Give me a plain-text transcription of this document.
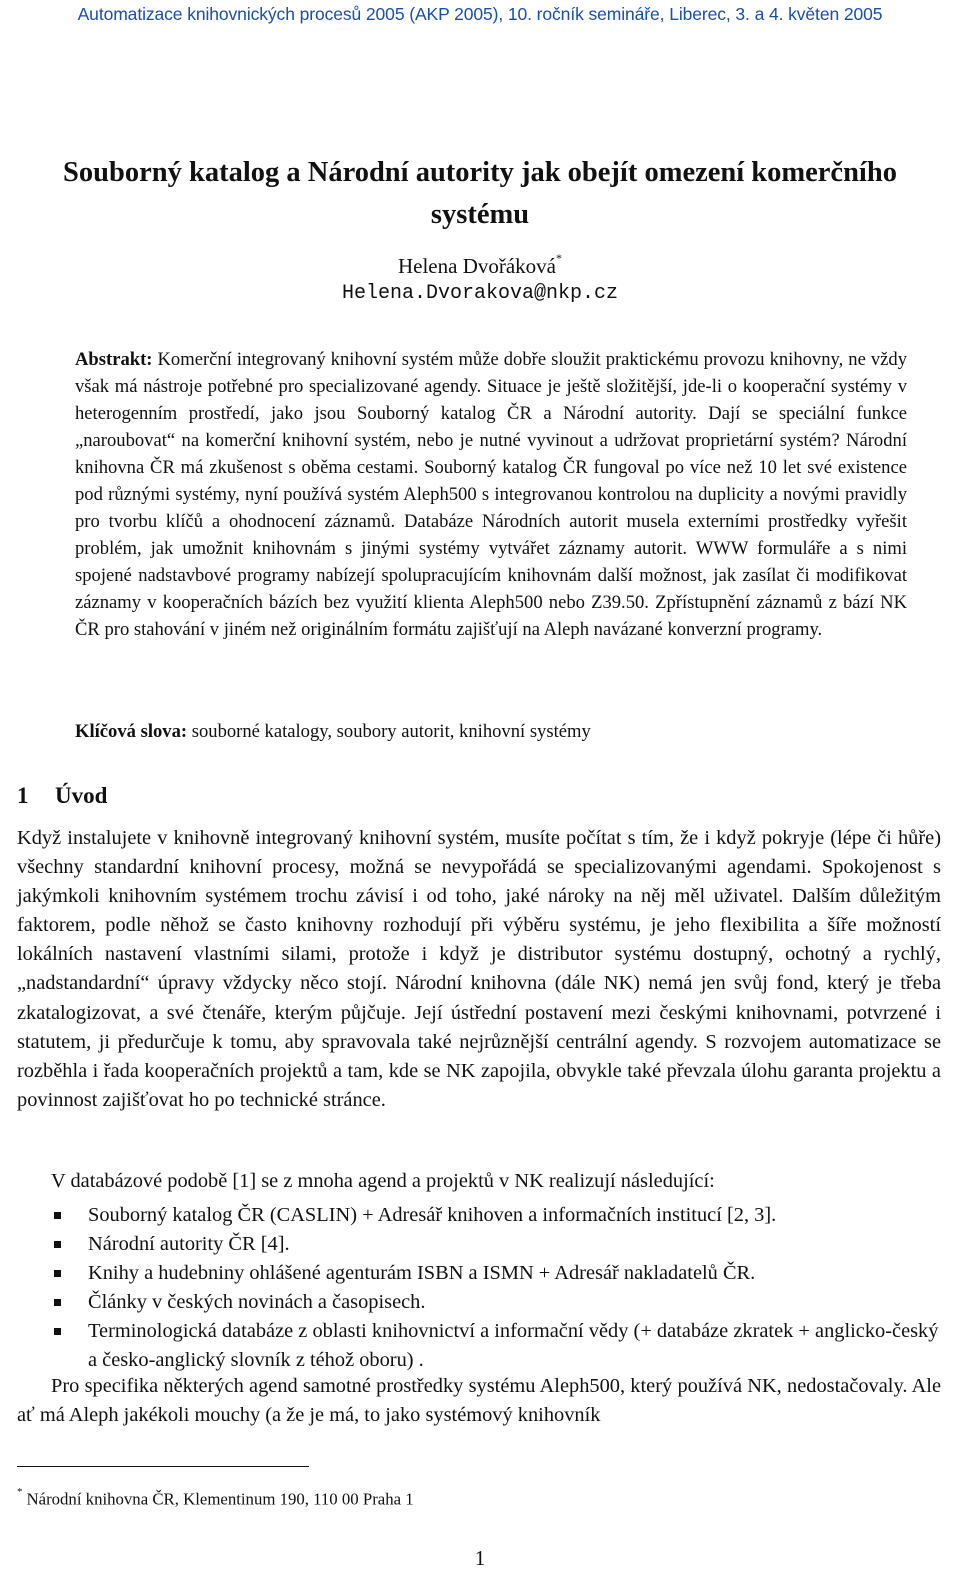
Automatizace knihovnických procesů 2005 (AKP 2005), 10. ročník semináře, Liberec, 3. a 4. květen 2005
Souborný katalog a Národní autority jak obejít omezení komerčního systému
Helena Dvořáková*
Helena.Dvorakova@nkp.cz

Abstrakt: Komerční integrovaný knihovní systém může dobře sloužit praktickému provozu knihovny, ne vždy však má nástroje potřebné pro specializované agendy. Situace je ještě složitější, jde-li o kooperační systémy v heterogenním prostředí, jako jsou Souborný katalog ČR a Národní autority. Dají se speciální funkce „naroubovat“ na komerční knihovní systém, nebo je nutné vyvinout a udržovat proprietární systém? Národní knihovna ČR má zkušenost s oběma cestami. Souborný katalog ČR fungoval po více než 10 let své existence pod různými systémy, nyní používá systém Aleph500 s integrovanou kontrolou na duplicity a novými pravidly pro tvorbu klíčů a ohodnocení záznamů. Databáze Národních autorit musela externími prostředky vyřešit problém, jak umožnit knihovnám s jinými systémy vytvářet záznamy autorit. WWW formuláře a s nimi spojené nadstavbové programy nabízejí spolupracujícím knihovnám další možnost, jak zasílat či modifikovat záznamy v kooperačních bázích bez využití klienta Aleph500 nebo Z39.50. Zpřístupnění záznamů z bází NK ČR pro stahování v jiném než originálním formátu zajišťují na Aleph navázané konverzní programy.

Klíčová slova: souborné katalogy, soubory autorit, knihovní systémy

1 Úvod

Když instalujete v knihovně integrovaný knihovní systém, musíte počítat s tím, že i když pokryje (lépe či hůře) všechny standardní knihovní procesy, možná se nevypořádá se specializovanými agendami. Spokojenost s jakýmkoli knihovním systémem trochu závisí i od toho, jaké nároky na něj měl uživatel. Dalším důležitým faktorem, podle něhož se často knihovny rozhodují při výběru systému, je jeho flexibilita a šíře možností lokálních nastavení vlastními silami, protože i když je distributor systému dostupný, ochotný a rychlý, „nadstandardní“ úpravy vždycky něco stojí. Národní knihovna (dále NK) nemá jen svůj fond, který je třeba zkatalogizovat, a své čtenáře, kterým půjčuje. Její ústřední postavení mezi českými knihovnami, potvrzené i statutem, ji předurčuje k tomu, aby spravovala také nejrůznější centrální agendy. S rozvojem automatizace se rozběhla i řada kooperačních projektů a tam, kde se NK zapojila, obvykle také převzala úlohu garanta projektu a povinnost zajišťovat ho po technické stránce.

V databázové podobě [1] se z mnoha agend a projektů v NK realizují následující:

Souborný katalog ČR (CASLIN) + Adresář knihoven a informačních institucí [2, 3].
Národní autority ČR [4].
Knihy a hudebniny ohlášené agenturám ISBN a ISMN + Adresář nakladatelů ČR.
Články v českých novinách a časopisech.
Terminologická databáze z oblasti knihovnictví a informační vědy (+ databáze zkratek + anglicko-český a česko-anglický slovník z téhož oboru) .

Pro specifika některých agend samotné prostředky systému Aleph500, který používá NK, nedostačovaly. Ale ať má Aleph jakékoli mouchy (a že je má, to jako systémový knihovník

* Národní knihovna ČR, Klementinum 190, 110 00 Praha 1
1
